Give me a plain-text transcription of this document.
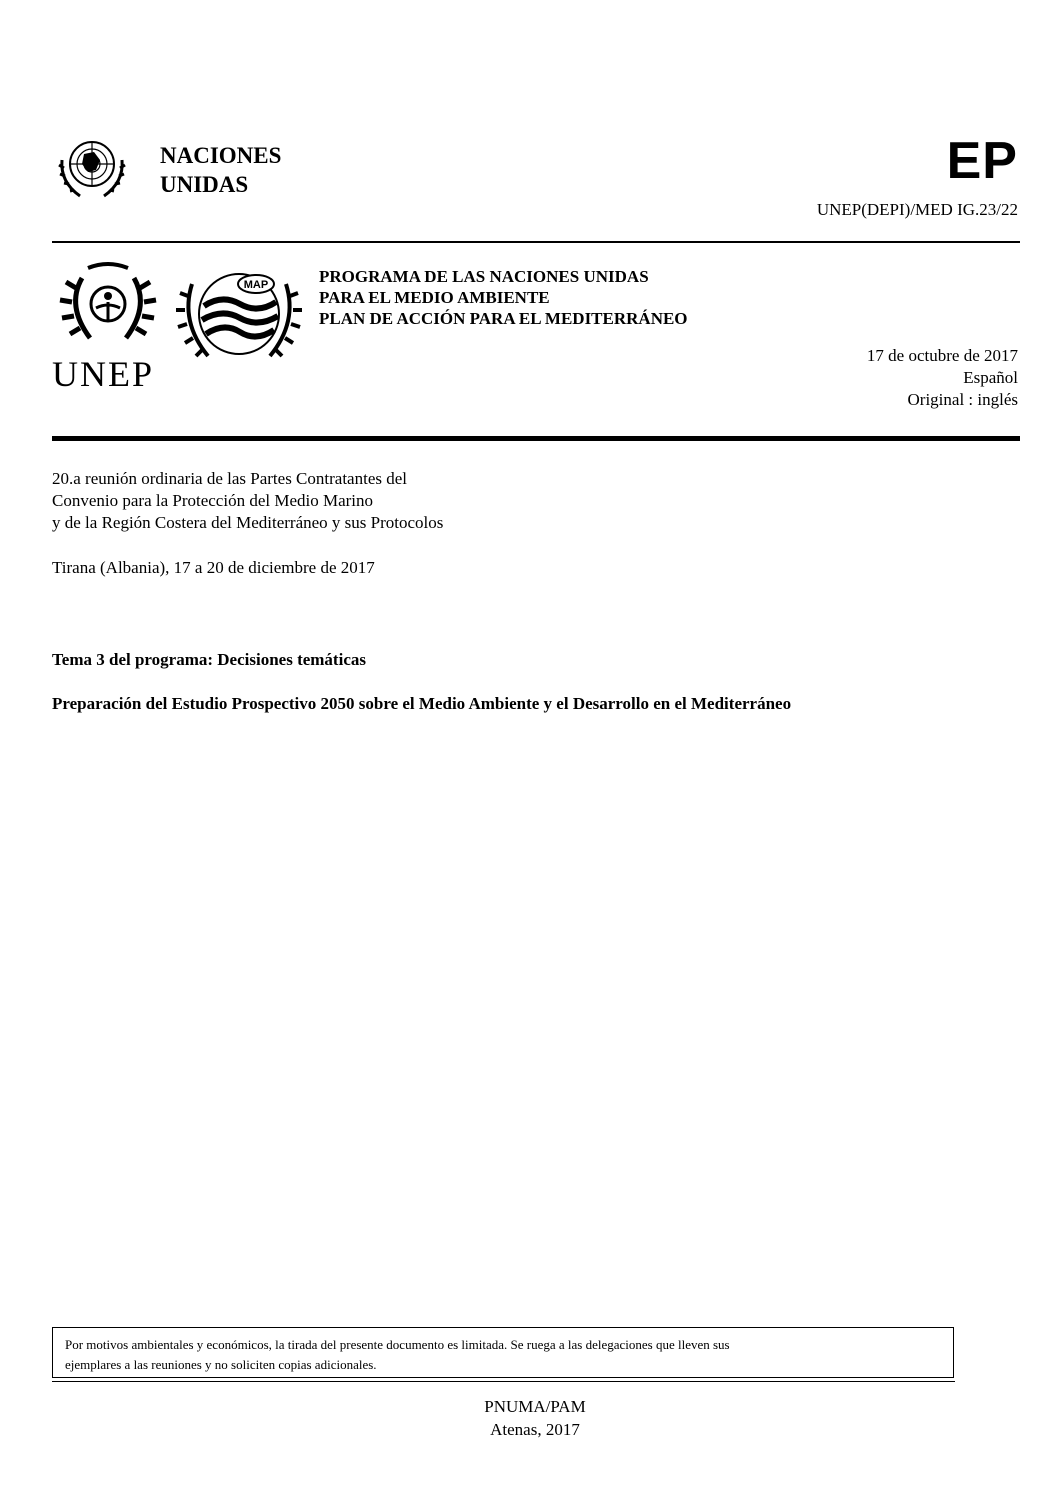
NACIONES
UNIDAS	EP
UNEP(DEPI)/MED IG.23/22
UNEP
MAP	PROGRAMA DE LAS NACIONES UNIDAS
PARA EL MEDIO AMBIENTE
PLAN DE ACCIÓN PARA EL MEDITERRÁNEO
17 de octubre de 2017
Español
Original : inglés
20.a reunión ordinaria de las Partes Contratantes del
Convenio para la Protección del Medio Marino
y de la Región Costera del Mediterráneo y sus Protocolos
Tirana (Albania), 17 a 20 de diciembre de 2017
Tema 3 del programa: Decisiones temáticas
Preparación del Estudio Prospectivo 2050 sobre el Medio Ambiente y el Desarrollo en el Mediterráneo
Por motivos ambientales y económicos, la tirada del presente documento es limitada. Se ruega a las delegaciones que lleven sus
ejemplares a las reuniones y no soliciten copias adicionales.
PNUMA/PAM
Atenas, 2017
